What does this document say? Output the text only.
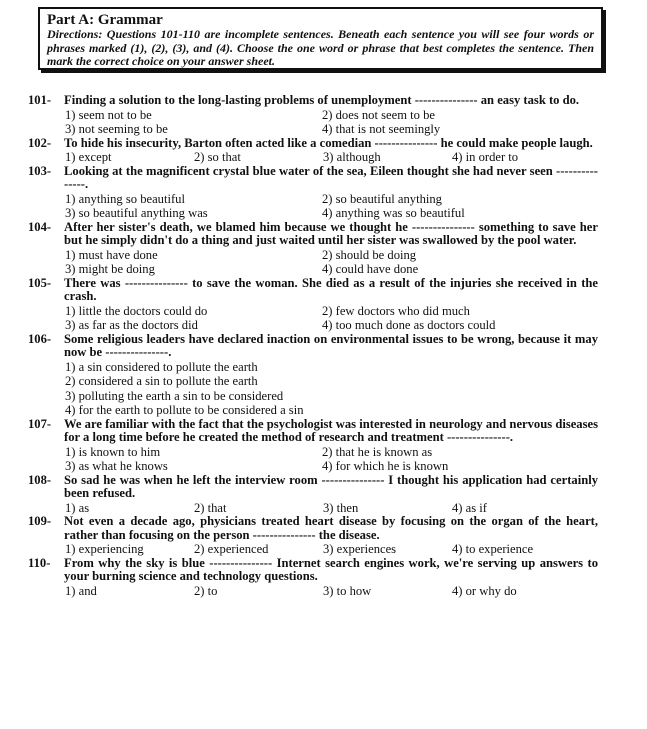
Part A: Grammar
Directions: Questions 101-110 are incomplete sentences. Beneath each sentence you will see four words or phrases marked (1), (2), (3), and (4). Choose the one word or phrase that best completes the sentence. Then mark the correct choice on your answer sheet.
101-	Finding a solution to the long-lasting problems of unemployment --------------- an easy task to do.
1) seem not to be	2) does not seem to be
3) not seeming to be	4) that is not seemingly
102-	To hide his insecurity, Barton often acted like a comedian --------------- he could make people laugh.
1) except	2) so that	3) although	4) in order to
103-	Looking at the magnificent crystal blue water of the sea, Eileen thought she had never seen ---------------.
1) anything so beautiful	2) so beautiful anything
3) so beautiful anything was	4) anything was so beautiful
104-	After her sister's death, we blamed him because we thought he --------------- something to save her but he simply didn't do a thing and just waited until her sister was swallowed by the pool water.
1) must have done	2) should be doing
3) might be doing	4) could have done
105-	There was --------------- to save the woman. She died as a result of the injuries she received in the crash.
1) little the doctors could do	2) few doctors who did much
3) as far as the doctors did	4) too much done as doctors could
106-	Some religious leaders have declared inaction on environmental issues to be wrong, because it may now be ---------------.
1) a sin considered to pollute the earth
2) considered a sin to pollute the earth
3) polluting the earth a sin to be considered
4) for the earth to pollute to be considered a sin
107-	We are familiar with the fact that the psychologist was interested in neurology and nervous diseases for a long time before he created the method of research and treatment ---------------.
1) is known to him	2) that he is known as
3) as what he knows	4) for which he is known
108-	So sad he was when he left the interview room --------------- I thought his application had certainly been refused.
1) as	2) that	3) then	4) as if
109-	Not even a decade ago, physicians treated heart disease by focusing on the organ of the heart, rather than focusing on the person --------------- the disease.
1) experiencing	2) experienced	3) experiences	4) to experience
110-	From why the sky is blue --------------- Internet search engines work, we're serving up answers to your burning science and technology questions.
1) and	2) to	3) to how	4) or why do
